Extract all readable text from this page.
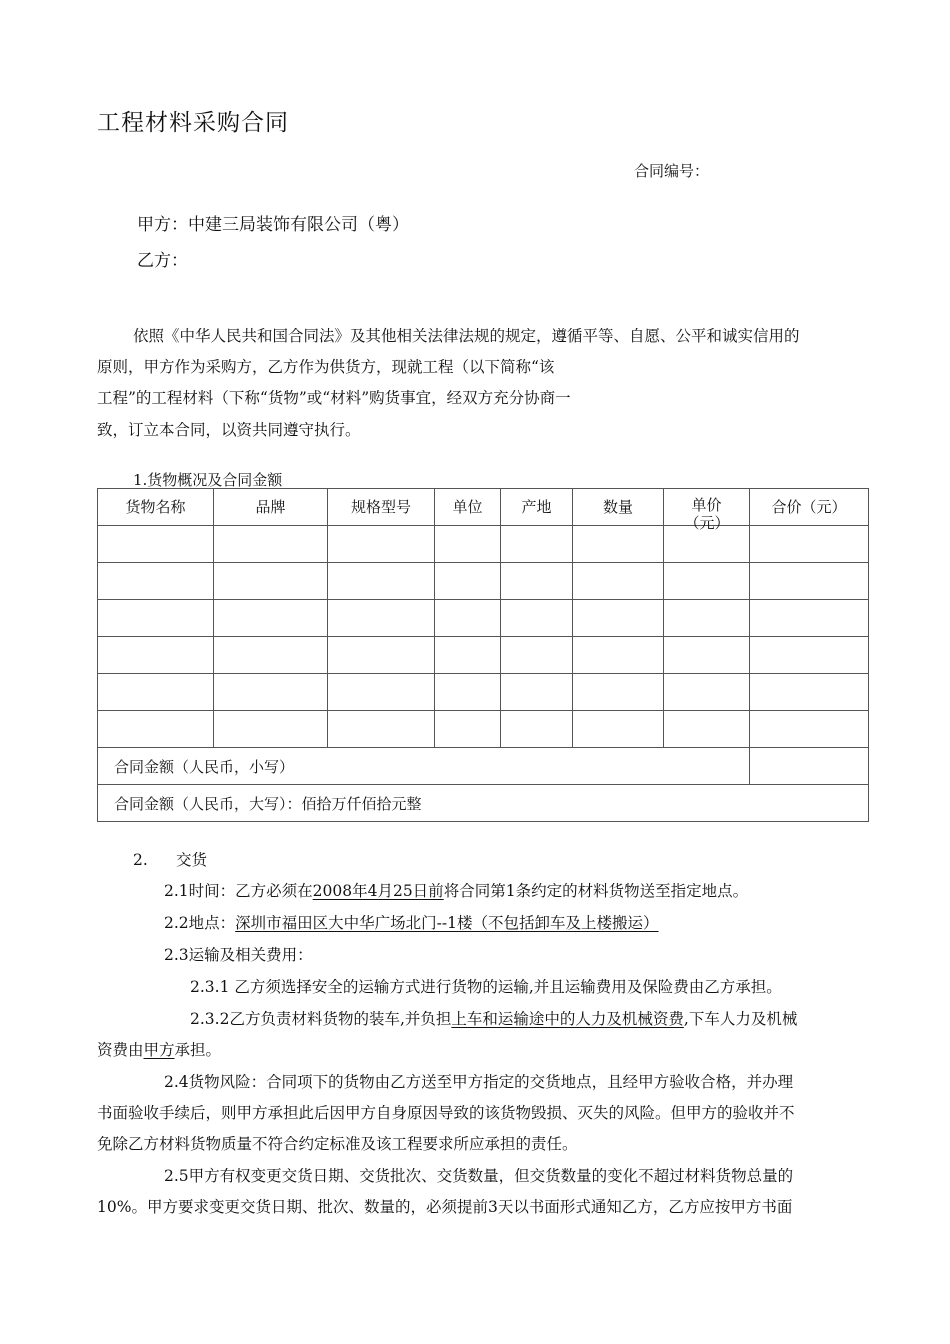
工程材料采购合同
合同编号：
甲方：中建三局装饰有限公司（粤）
乙方：
依照《中华人民共和国合同法》及其他相关法律法规的规定，遵循平等、自愿、公平和诚实信用的
原则，甲方作为采购方，乙方作为供货方，现就工程（以下简称“该
工程”的工程材料（下称“货物”或“材料”购货事宜，经双方充分协商一
致，订立本合同，以资共同遵守执行。
1.货物概况及合同金额
货物名称	品牌	规格型号	单位	产地	数量	单价（元）	合价（元）

合同金额（人民币，小写）							
合同金额（人民币，大写）：佰拾万仟佰拾元整							
2. 交货
2.1时间：乙方必须在2008年4月25日前将合同第1条约定的材料货物送至指定地点。
2.2地点：深圳市福田区大中华广场北门--1楼（不包括卸车及上楼搬运）
2.3运输及相关费用：
2.3.1 乙方须选择安全的运输方式进行货物的运输,并且运输费用及保险费由乙方承担。
2.3.2乙方负责材料货物的装车,并负担上车和运输途中的人力及机械资费,下车人力及机械
资费由甲方承担。
2.4货物风险：合同项下的货物由乙方送至甲方指定的交货地点，且经甲方验收合格，并办理
书面验收手续后，则甲方承担此后因甲方自身原因导致的该货物毁损、灭失的风险。但甲方的验收并不
免除乙方材料货物质量不符合约定标准及该工程要求所应承担的责任。
2.5甲方有权变更交货日期、交货批次、交货数量，但交货数量的变化不超过材料货物总量的
10%。甲方要求变更交货日期、批次、数量的，必须提前3天以书面形式通知乙方，乙方应按甲方书面
